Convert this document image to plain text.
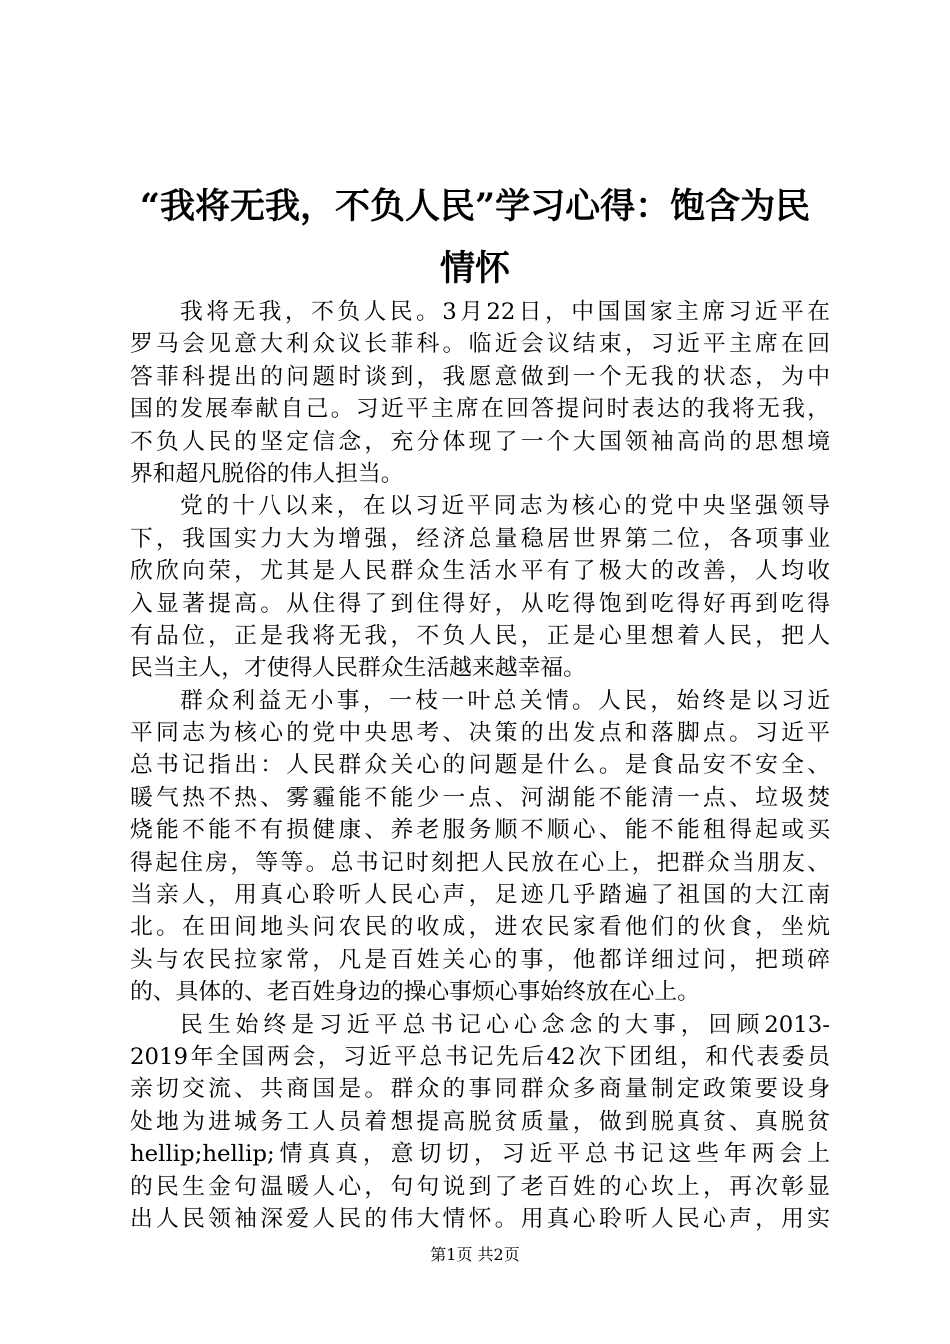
“我将无我，不负人民”学习心得：饱含为民
情怀
我将无我，不负人民。3月22日，中国国家主席习近平在
罗马会见意大利众议长菲科。临近会议结束，习近平主席在回
答菲科提出的问题时谈到，我愿意做到一个无我的状态，为中
国的发展奉献自己。习近平主席在回答提问时表达的我将无我，
不负人民的坚定信念，充分体现了一个大国领袖高尚的思想境
界和超凡脱俗的伟人担当。
党的十八以来，在以习近平同志为核心的党中央坚强领导
下，我国实力大为增强，经济总量稳居世界第二位，各项事业
欣欣向荣，尤其是人民群众生活水平有了极大的改善，人均收
入显著提高。从住得了到住得好，从吃得饱到吃得好再到吃得
有品位，正是我将无我，不负人民，正是心里想着人民，把人
民当主人，才使得人民群众生活越来越幸福。
群众利益无小事，一枝一叶总关情。人民，始终是以习近
平同志为核心的党中央思考、决策的出发点和落脚点。习近平
总书记指出：人民群众关心的问题是什么。是食品安不安全、
暖气热不热、雾霾能不能少一点、河湖能不能清一点、垃圾焚
烧能不能不有损健康、养老服务顺不顺心、能不能租得起或买
得起住房，等等。总书记时刻把人民放在心上，把群众当朋友、
当亲人，用真心聆听人民心声，足迹几乎踏遍了祖国的大江南
北。在田间地头问农民的收成，进农民家看他们的伙食，坐炕
头与农民拉家常，凡是百姓关心的事，他都详细过问，把琐碎
的、具体的、老百姓身边的操心事烦心事始终放在心上。
民生始终是习近平总书记心心念念的大事，回顾2013-
2019年全国两会，习近平总书记先后42次下团组，和代表委员
亲切交流、共商国是。群众的事同群众多商量制定政策要设身
处地为进城务工人员着想提高脱贫质量，做到脱真贫、真脱贫
hellip;hellip;情真真，意切切，习近平总书记这些年两会上
的民生金句温暖人心，句句说到了老百姓的心坎上，再次彰显
出人民领袖深爱人民的伟大情怀。用真心聆听人民心声，用实
第1页 共2页
